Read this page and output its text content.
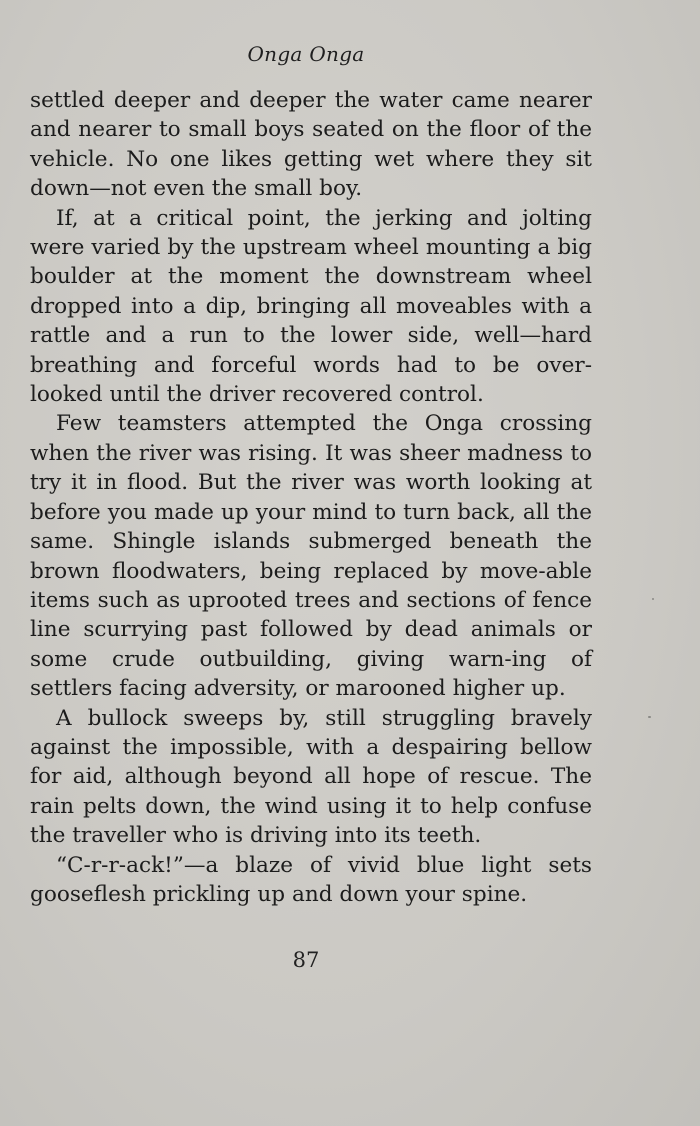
Onga Onga

settled deeper and deeper the water came nearer and nearer to small boys seated on the floor of the vehicle. No one likes getting wet where they sit down—not even the small boy.

If, at a critical point, the jerking and jolting were varied by the upstream wheel mounting a big boulder at the moment the downstream wheel dropped into a dip, bringing all moveables with a rattle and a run to the lower side, well—hard breathing and forceful words had to be over-looked until the driver recovered control.

Few teamsters attempted the Onga crossing when the river was rising. It was sheer madness to try it in flood. But the river was worth looking at before you made up your mind to turn back, all the same. Shingle islands submerged beneath the brown floodwaters, being replaced by move-able items such as uprooted trees and sections of fence line scurrying past followed by dead animals or some crude outbuilding, giving warn-ing of settlers facing adversity, or marooned higher up.

A bullock sweeps by, still struggling bravely against the impossible, with a despairing bellow for aid, although beyond all hope of rescue. The rain pelts down, the wind using it to help confuse the traveller who is driving into its teeth.

“C-r-r-ack!”—a blaze of vivid blue light sets gooseflesh prickling up and down your spine.

87
